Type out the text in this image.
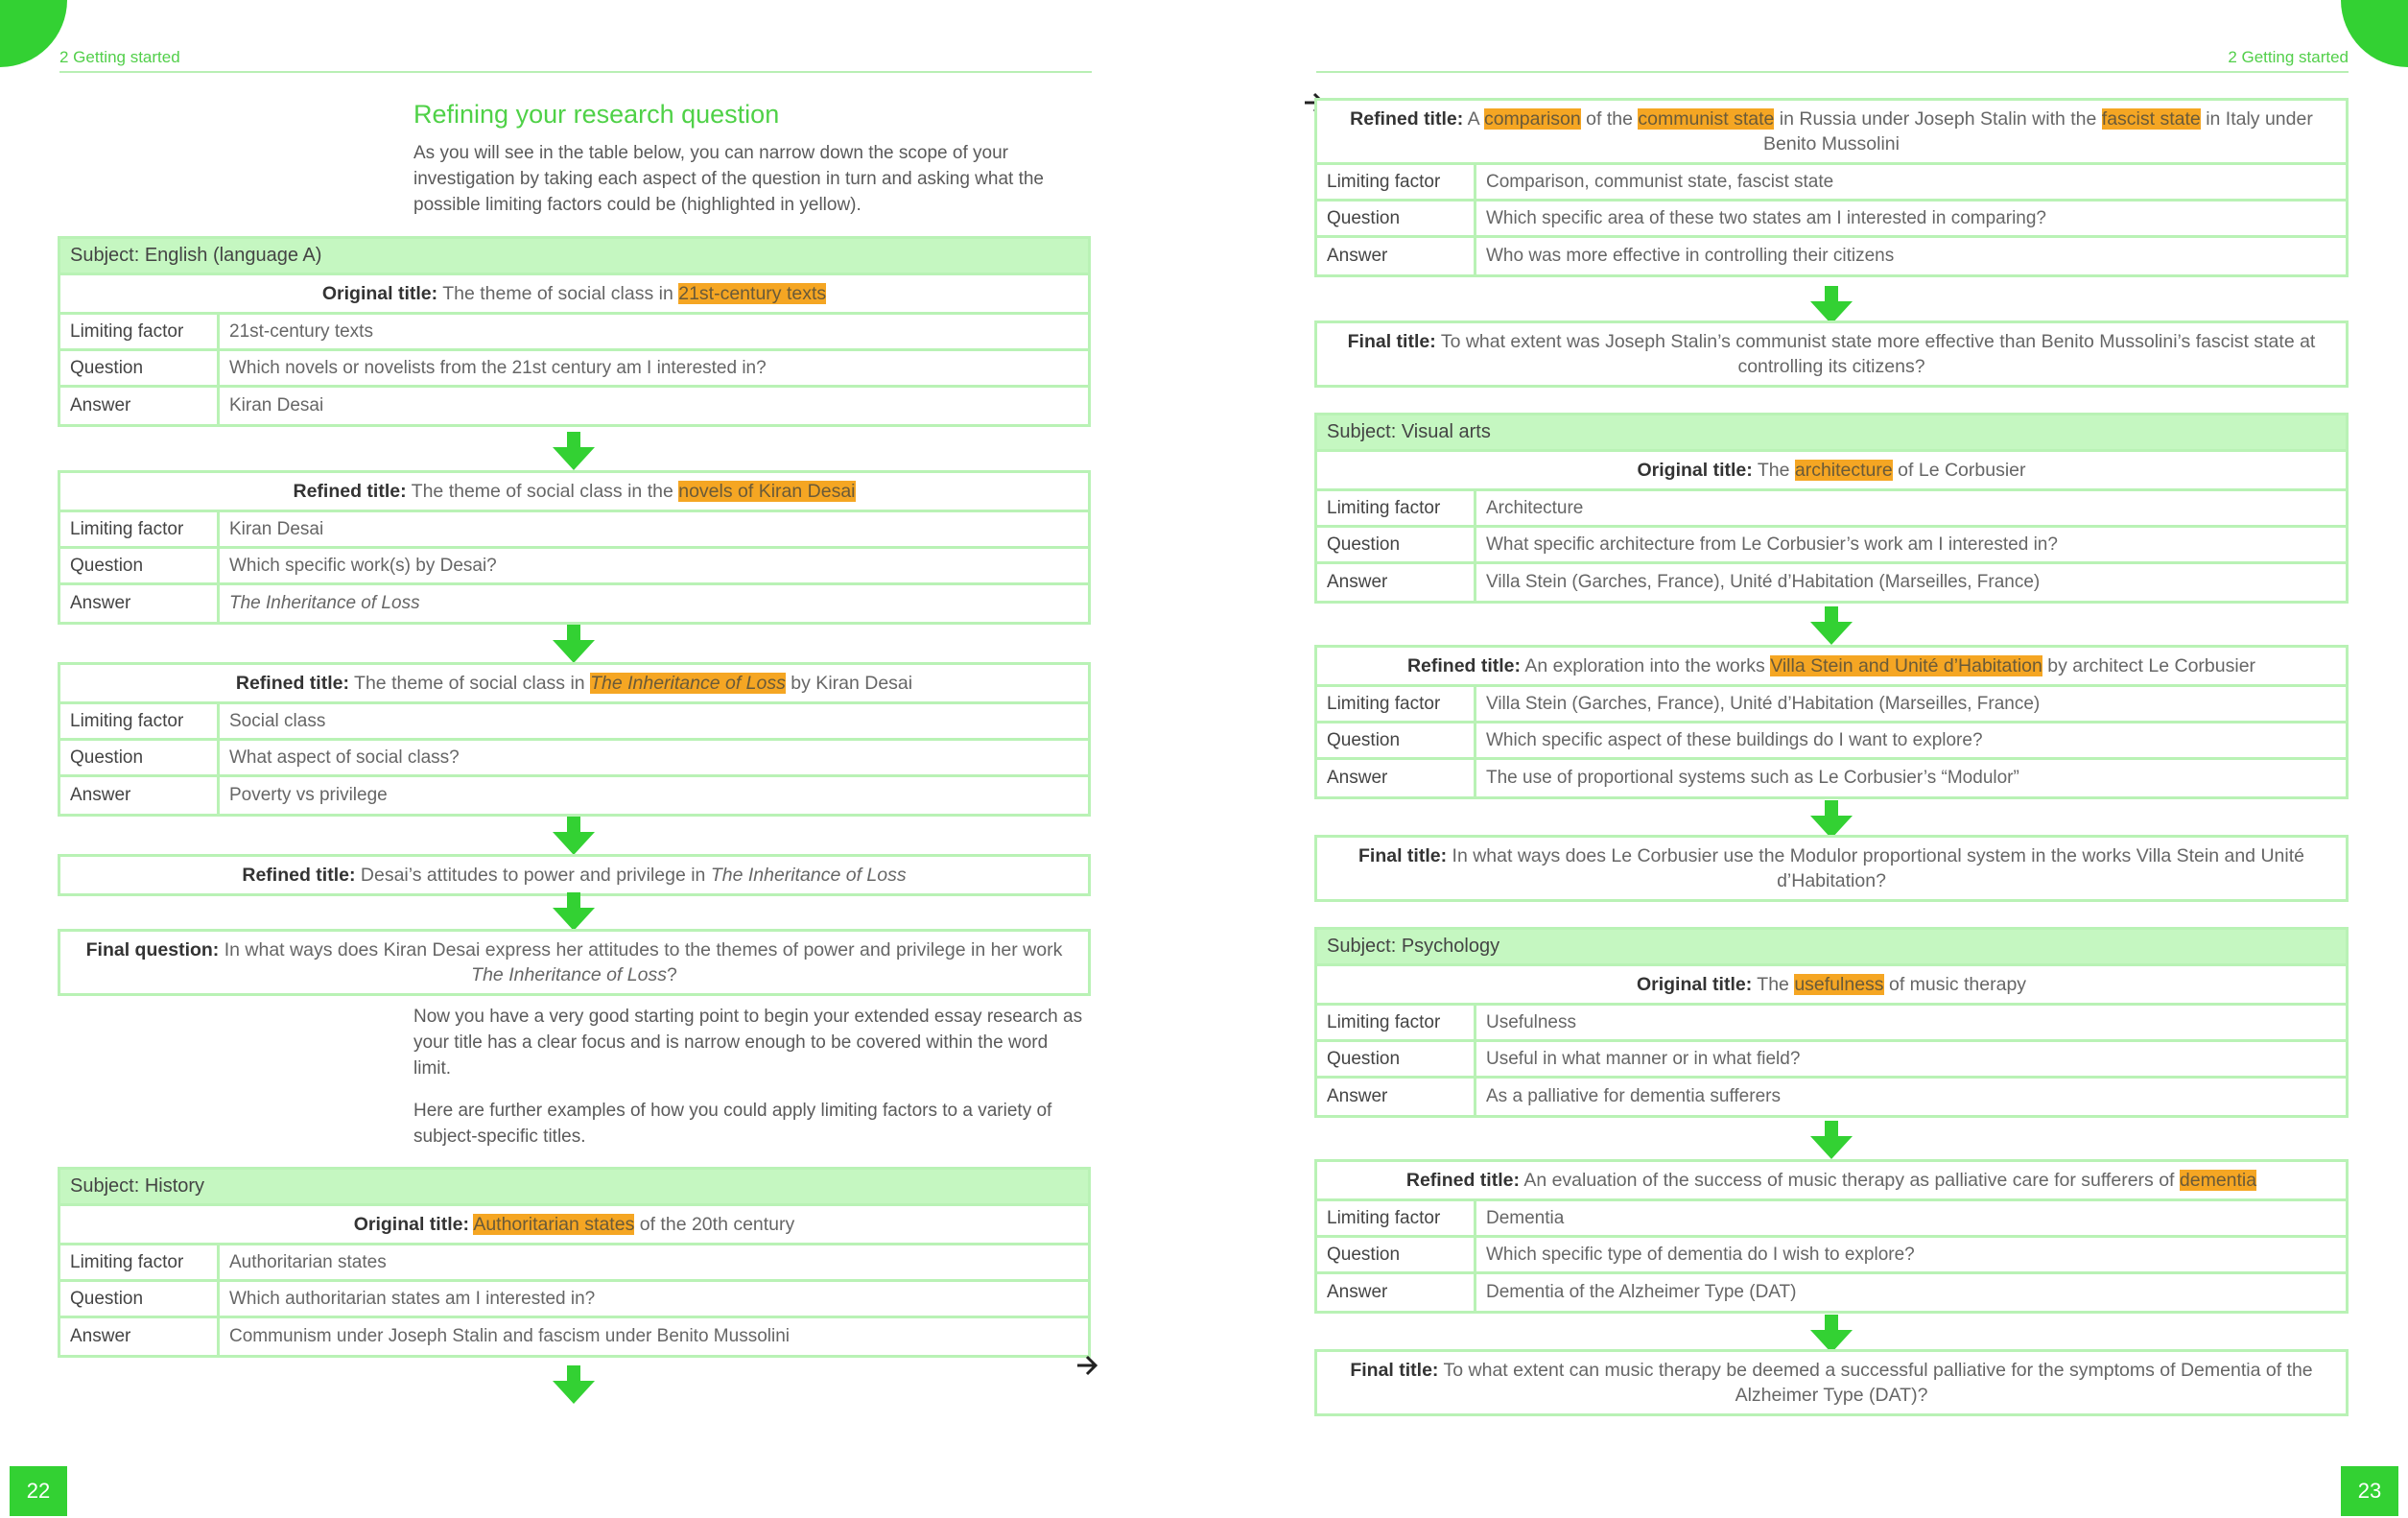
2 Getting started	2 Getting started
Refining your research question
As you will see in the table below, you can narrow down the scope of your investigation by taking each aspect of the question in turn and asking what the possible limiting factors could be (highlighted in yellow).
Subject: English (language A)
Original title: The theme of social class in 21st-century texts
Limiting factor	21st-century texts
Question	Which novels or novelists from the 21st century am I interested in?
Answer	Kiran Desai
Refined title: The theme of social class in the novels of Kiran Desai
Limiting factor	Kiran Desai
Question	Which specific work(s) by Desai?
Answer	The Inheritance of Loss
Refined title: The theme of social class in The Inheritance of Loss by Kiran Desai
Limiting factor	Social class
Question	What aspect of social class?
Answer	Poverty vs privilege
Refined title: Desai’s attitudes to power and privilege in The Inheritance of Loss
Final question: In what ways does Kiran Desai express her attitudes to the themes of power and privilege in her work The Inheritance of Loss?
Now you have a very good starting point to begin your extended essay research as your title has a clear focus and is narrow enough to be covered within the word limit.
Here are further examples of how you could apply limiting factors to a variety of subject-specific titles.
Subject: History
Original title: Authoritarian states of the 20th century
Limiting factor	Authoritarian states
Question	Which authoritarian states am I interested in?
Answer	Communism under Joseph Stalin and fascism under Benito Mussolini
22
Refined title: A comparison of the communist state in Russia under Joseph Stalin with the fascist state in Italy under Benito Mussolini
Limiting factor	Comparison, communist state, fascist state
Question	Which specific area of these two states am I interested in comparing?
Answer	Who was more effective in controlling their citizens
Final title: To what extent was Joseph Stalin’s communist state more effective than Benito Mussolini’s fascist state at controlling its citizens?
Subject: Visual arts
Original title: The architecture of Le Corbusier
Limiting factor	Architecture
Question	What specific architecture from Le Corbusier’s work am I interested in?
Answer	Villa Stein (Garches, France), Unité d’Habitation (Marseilles, France)
Refined title: An exploration into the works Villa Stein and Unité d’Habitation by architect Le Corbusier
Limiting factor	Villa Stein (Garches, France), Unité d’Habitation (Marseilles, France)
Question	Which specific aspect of these buildings do I want to explore?
Answer	The use of proportional systems such as Le Corbusier’s “Modulor”
Final title: In what ways does Le Corbusier use the Modulor proportional system in the works Villa Stein and Unité d’Habitation?
Subject: Psychology
Original title: The usefulness of music therapy
Limiting factor	Usefulness
Question	Useful in what manner or in what field?
Answer	As a palliative for dementia sufferers
Refined title: An evaluation of the success of music therapy as palliative care for sufferers of dementia
Limiting factor	Dementia
Question	Which specific type of dementia do I wish to explore?
Answer	Dementia of the Alzheimer Type (DAT)
Final title: To what extent can music therapy be deemed a successful palliative for the symptoms of Dementia of the Alzheimer Type (DAT)?
23
